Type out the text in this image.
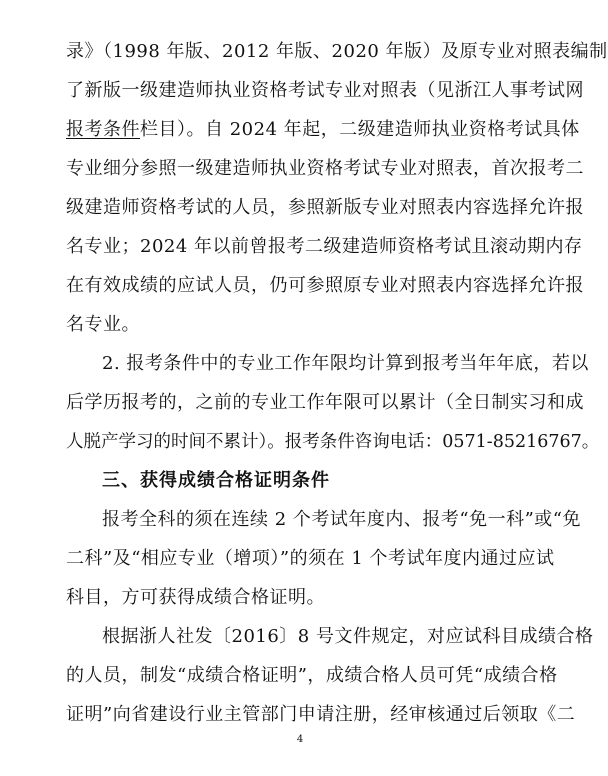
录》（1998 年版、2012 年版、2020 年版）及原专业对照表编制
了新版一级建造师执业资格考试专业对照表（见浙江人事考试网
报考条件栏目）。自 2024 年起，二级建造师执业资格考试具体
专业细分参照一级建造师执业资格考试专业对照表，首次报考二
级建造师资格考试的人员，参照新版专业对照表内容选择允许报
名专业；2024 年以前曾报考二级建造师资格考试且滚动期内存
在有效成绩的应试人员，仍可参照原专业对照表内容选择允许报
名专业。
2. 报考条件中的专业工作年限均计算到报考当年年底，若以
后学历报考的，之前的专业工作年限可以累计（全日制实习和成
人脱产学习的时间不累计）。报考条件咨询电话：0571-85216767。
三、获得成绩合格证明条件
报考全科的须在连续 2 个考试年度内、报考“免一科”或“免
二科”及“相应专业（增项）”的须在 1 个考试年度内通过应试
科目，方可获得成绩合格证明。
根据浙人社发〔2016〕8 号文件规定，对应试科目成绩合格
的人员，制发“成绩合格证明”，成绩合格人员可凭“成绩合格
证明”向省建设行业主管部门申请注册，经审核通过后领取《二
4
